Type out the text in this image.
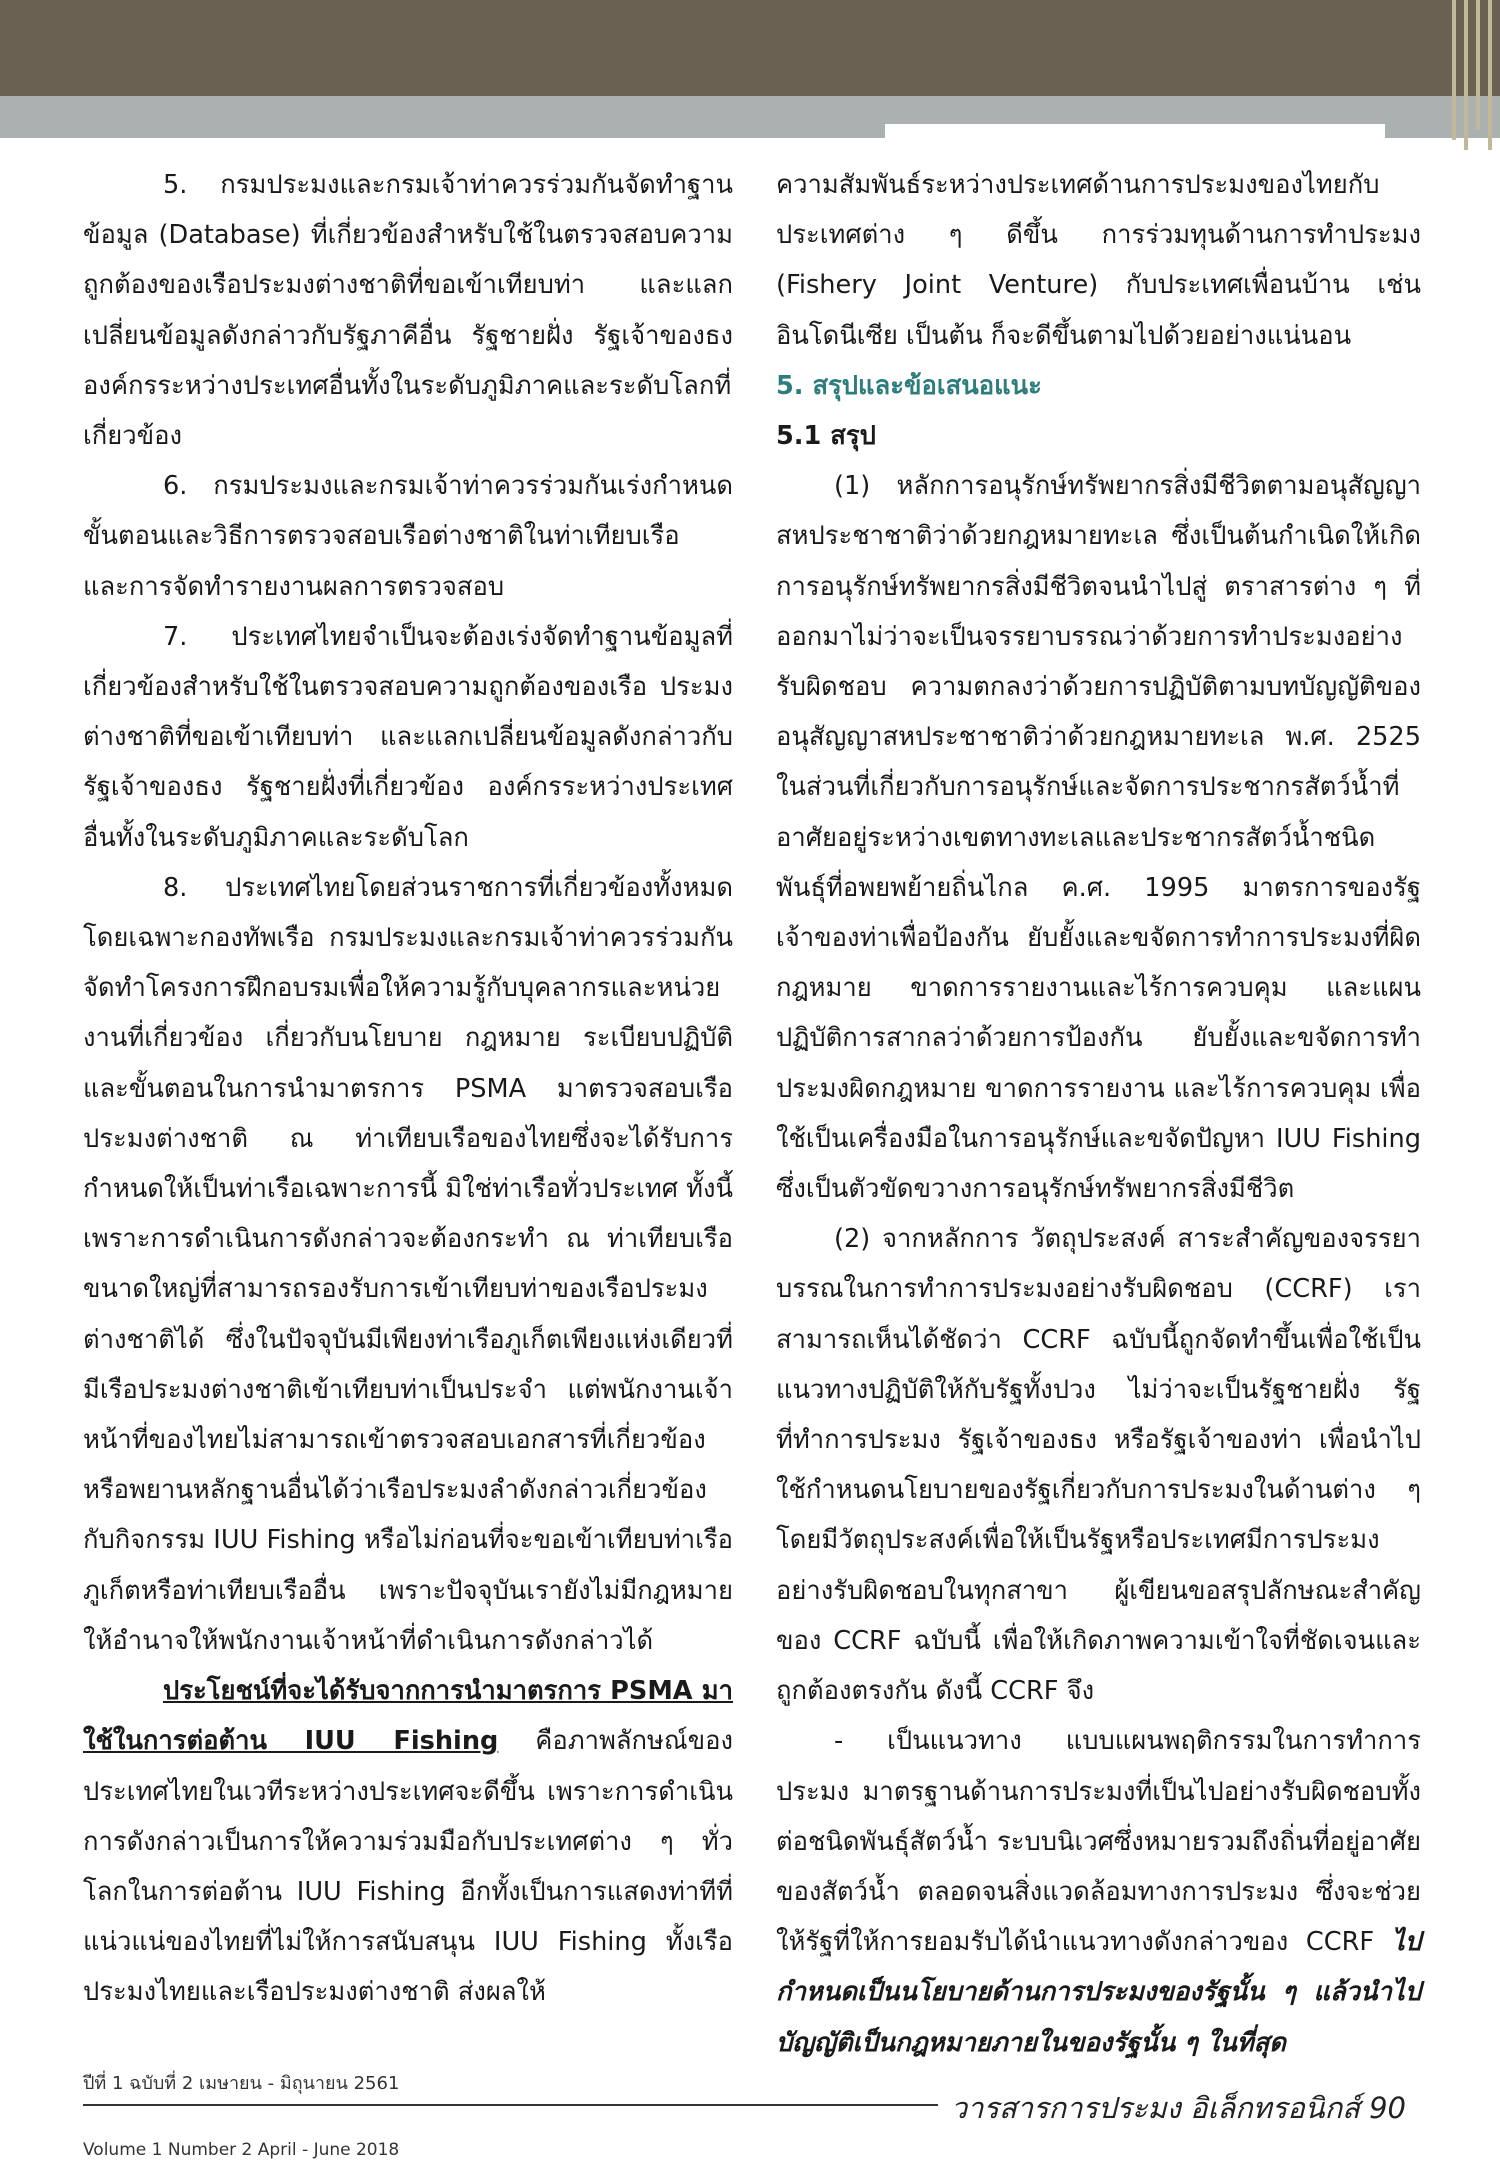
5. กรมประมงและกรมเจ้าท่าควรร่วมกันจัดทำฐานข้อมูล (Database) ที่เกี่ยวข้องสำหรับใช้ในตรวจสอบความถูกต้องของเรือประมงต่างชาติที่ขอเข้าเทียบท่า และแลกเปลี่ยนข้อมูลดังกล่าวกับรัฐภาคีอื่น รัฐชายฝั่ง รัฐเจ้าของธง องค์กรระหว่างประเทศอื่นทั้งในระดับภูมิภาคและระดับโลกที่เกี่ยวข้อง

6. กรมประมงและกรมเจ้าท่าควรร่วมกันเร่งกำหนดขั้นตอนและวิธีการตรวจสอบเรือต่างชาติในท่าเทียบเรือ และการจัดทำรายงานผลการตรวจสอบ

7. ประเทศไทยจำเป็นจะต้องเร่งจัดทำฐานข้อมูลที่เกี่ยวข้องสำหรับใช้ในตรวจสอบความถูกต้องของเรือ ประมงต่างชาติที่ขอเข้าเทียบท่า และแลกเปลี่ยนข้อมูลดังกล่าวกับรัฐเจ้าของธง รัฐชายฝั่งที่เกี่ยวข้อง องค์กรระหว่างประเทศอื่นทั้งในระดับภูมิภาคและระดับโลก

8. ประเทศไทยโดยส่วนราชการที่เกี่ยวข้องทั้งหมดโดยเฉพาะกองทัพเรือ กรมประมงและกรมเจ้าท่าควรร่วมกันจัดทำโครงการฝึกอบรมเพื่อให้ความรู้กับบุคลากรและหน่วยงานที่เกี่ยวข้อง เกี่ยวกับนโยบาย กฎหมาย ระเบียบปฏิบัติและขั้นตอนในการนำมาตรการ PSMA มาตรวจสอบเรือประมงต่างชาติ ณ ท่าเทียบเรือของไทยซึ่งจะได้รับการกำหนดให้เป็นท่าเรือเฉพาะการนี้ มิใช่ท่าเรือทั่วประเทศ ทั้งนี้เพราะการดำเนินการดังกล่าวจะต้องกระทำ ณ ท่าเทียบเรือขนาดใหญ่ที่สามารถรองรับการเข้าเทียบท่าของเรือประมงต่างชาติได้ ซึ่งในปัจจุบันมีเพียงท่าเรือภูเก็ตเพียงแห่งเดียวที่มีเรือประมงต่างชาติเข้าเทียบท่าเป็นประจำ แต่พนักงานเจ้าหน้าที่ของไทยไม่สามารถเข้าตรวจสอบเอกสารที่เกี่ยวข้องหรือพยานหลักฐานอื่นได้ว่าเรือประมงลำดังกล่าวเกี่ยวข้องกับกิจกรรม IUU Fishing หรือไม่ก่อนที่จะขอเข้าเทียบท่าเรือภูเก็ตหรือท่าเทียบเรืออื่น เพราะปัจจุบันเรายังไม่มีกฎหมายให้อำนาจให้พนักงานเจ้าหน้าที่ดำเนินการดังกล่าวได้

ประโยชน์ที่จะได้รับจากการนำมาตรการ PSMA มาใช้ในการต่อต้าน IUU Fishing คือภาพลักษณ์ของประเทศไทยในเวทีระหว่างประเทศจะดีขึ้น เพราะการดำเนินการดังกล่าวเป็นการให้ความร่วมมือกับประเทศต่าง ๆ ทั่วโลกในการต่อต้าน IUU Fishing อีกทั้งเป็นการแสดงท่าทีที่แน่วแน่ของไทยที่ไม่ให้การสนับสนุน IUU Fishing ทั้งเรือประมงไทยและเรือประมงต่างชาติ ส่งผลให้

ความสัมพันธ์ระหว่างประเทศด้านการประมงของไทยกับประเทศต่าง ๆ ดีขึ้น การร่วมทุนด้านการทำประมง (Fishery Joint Venture) กับประเทศเพื่อนบ้าน เช่น อินโดนีเซีย เป็นต้น ก็จะดีขึ้นตามไปด้วยอย่างแน่นอน

5. สรุปและข้อเสนอแนะ

5.1 สรุป

(1) หลักการอนุรักษ์ทรัพยากรสิ่งมีชีวิตตามอนุสัญญาสหประชาชาติว่าด้วยกฎหมายทะเล ซึ่งเป็นต้นกำเนิดให้เกิดการอนุรักษ์ทรัพยากรสิ่งมีชีวิตจนนำไปสู่ ตราสารต่าง ๆ ที่ออกมาไม่ว่าจะเป็นจรรยาบรรณว่าด้วยการทำประมงอย่างรับผิดชอบ ความตกลงว่าด้วยการปฏิบัติตามบทบัญญัติของอนุสัญญาสหประชาชาติว่าด้วยกฎหมายทะเล พ.ศ. 2525 ในส่วนที่เกี่ยวกับการอนุรักษ์และจัดการประชากรสัตว์น้ำที่อาศัยอยู่ระหว่างเขตทางทะเลและประชากรสัตว์น้ำชนิดพันธุ์ที่อพยพย้ายถิ่นไกล ค.ศ. 1995 มาตรการของรัฐเจ้าของท่าเพื่อป้องกัน ยับยั้งและขจัดการทำการประมงที่ผิดกฎหมาย ขาดการรายงานและไร้การควบคุม และแผนปฏิบัติการสากลว่าด้วยการป้องกัน ยับยั้งและขจัดการทำประมงผิดกฎหมาย ขาดการรายงาน และไร้การควบคุม เพื่อใช้เป็นเครื่องมือในการอนุรักษ์และขจัดปัญหา IUU Fishing ซึ่งเป็นตัวขัดขวางการอนุรักษ์ทรัพยากรสิ่งมีชีวิต

(2) จากหลักการ วัตถุประสงค์ สาระสำคัญของจรรยาบรรณในการทำการประมงอย่างรับผิดชอบ (CCRF) เราสามารถเห็นได้ชัดว่า CCRF ฉบับนี้ถูกจัดทำขึ้นเพื่อใช้เป็นแนวทางปฏิบัติให้กับรัฐทั้งปวง ไม่ว่าจะเป็นรัฐชายฝั่ง รัฐที่ทำการประมง รัฐเจ้าของธง หรือรัฐเจ้าของท่า เพื่อนำไปใช้กำหนดนโยบายของรัฐเกี่ยวกับการประมงในด้านต่าง ๆ โดยมีวัตถุประสงค์เพื่อให้เป็นรัฐหรือประเทศมีการประมงอย่างรับผิดชอบในทุกสาขา ผู้เขียนขอสรุปลักษณะสำคัญของ CCRF ฉบับนี้ เพื่อให้เกิดภาพความเข้าใจที่ชัดเจนและถูกต้องตรงกัน ดังนี้ CCRF จึง

- เป็นแนวทาง แบบแผนพฤติกรรมในการทำการประมง มาตรฐานด้านการประมงที่เป็นไปอย่างรับผิดชอบทั้งต่อชนิดพันธุ์สัตว์น้ำ ระบบนิเวศซึ่งหมายรวมถึงถิ่นที่อยู่อาศัยของสัตว์น้ำ ตลอดจนสิ่งแวดล้อมทางการประมง ซึ่งจะช่วยให้รัฐที่ให้การยอมรับได้นำแนวทางดังกล่าวของ CCRF ไปกำหนดเป็นนโยบายด้านการประมงของรัฐนั้น ๆ แล้วนำไปบัญญัติเป็นกฎหมายภายในของรัฐนั้น ๆ ในที่สุด

ปีที่ 1 ฉบับที่ 2 เมษายน - มิถุนายน 2561
Volume 1 Number 2 April - June 2018
วารสารการประมง อิเล็กทรอนิกส์ 90
